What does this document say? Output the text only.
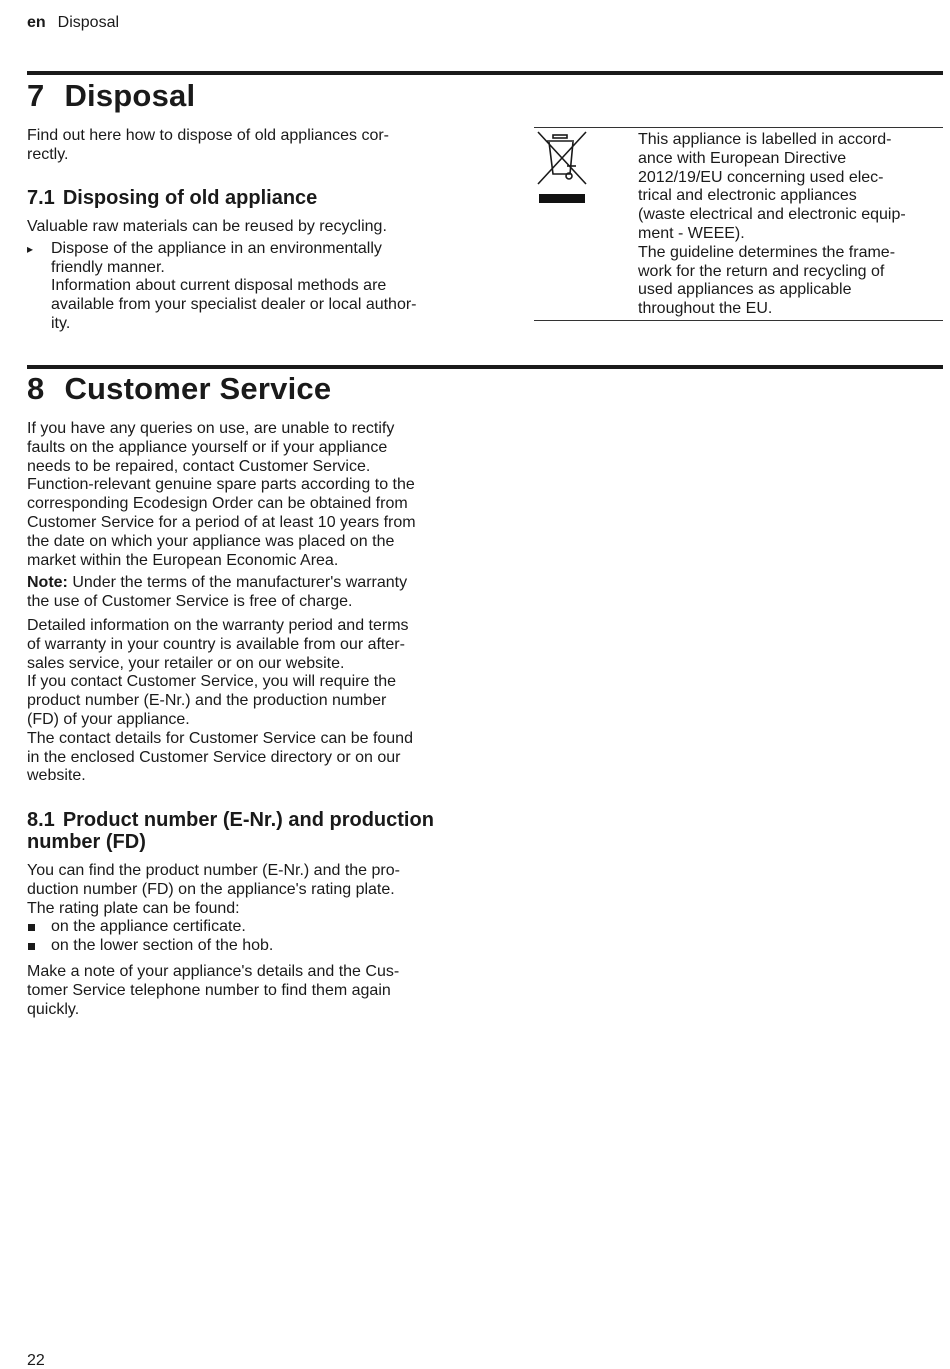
en Disposal
7 Disposal

Find out here how to dispose of old appliances cor-

rectly.

7.1 Disposing of old appliance

Valuable raw materials can be reused by recycling.

▸ Dispose of the appliance in an environmentally

friendly manner.

Information about current disposal methods are

available from your specialist dealer or local author-

ity.

This appliance is labelled in accord-

ance with European Directive

2012/19/EU concerning used elec-

trical and electronic appliances

(waste electrical and electronic equip-

ment - WEEE).

The guideline determines the frame-

work for the return and recycling of

used appliances as applicable

throughout the EU.

8 Customer Service

If you have any queries on use, are unable to rectify

faults on the appliance yourself or if your appliance

needs to be repaired, contact Customer Service.

Function-relevant genuine spare parts according to the

corresponding Ecodesign Order can be obtained from

Customer Service for a period of at least 10 years from

the date on which your appliance was placed on the

market within the European Economic Area.

Note: Under the terms of the manufacturer's warranty

the use of Customer Service is free of charge.

Detailed information on the warranty period and terms

of warranty in your country is available from our after-

sales service, your retailer or on our website.

If you contact Customer Service, you will require the

product number (E-Nr.) and the production number

(FD) of your appliance.

The contact details for Customer Service can be found

in the enclosed Customer Service directory or on our

website.

8.1 Product number (E-Nr.) and production

number (FD)

You can find the product number (E-Nr.) and the pro-

duction number (FD) on the appliance's rating plate.

The rating plate can be found:

on the appliance certificate.
on the lower section of the hob.

Make a note of your appliance's details and the Cus-

tomer Service telephone number to find them again

quickly.

22
